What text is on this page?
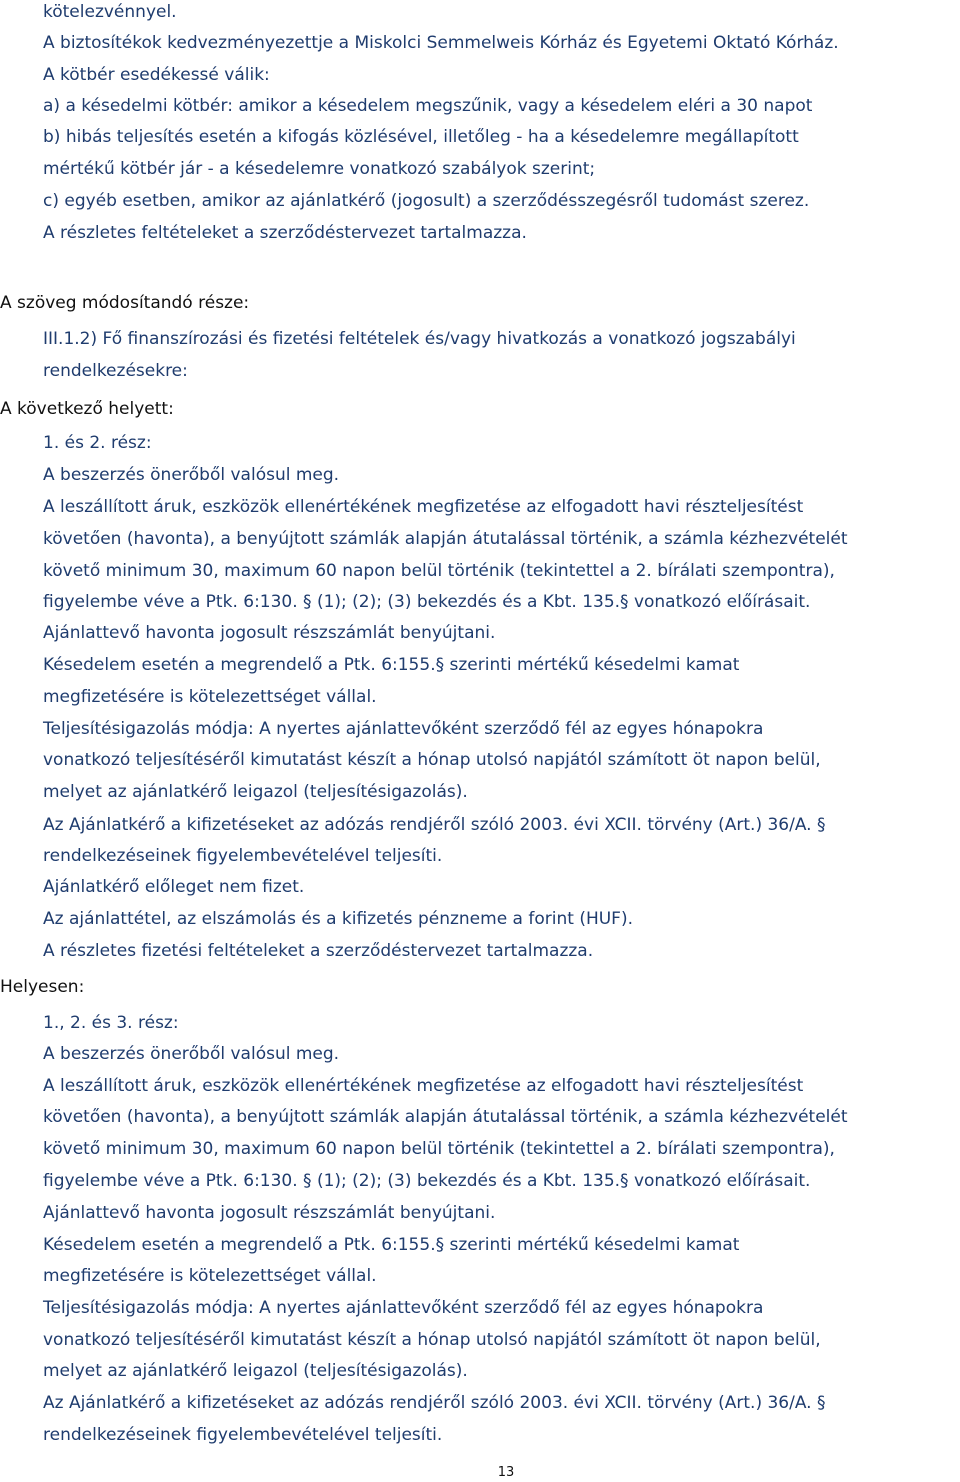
kötelezvénnyel.
A biztosítékok kedvezményezettje a Miskolci Semmelweis Kórház és Egyetemi Oktató Kórház.
A kötbér esedékessé válik:
a) a késedelmi kötbér: amikor a késedelem megszűnik, vagy a késedelem eléri a 30 napot
b) hibás teljesítés esetén a kifogás közlésével, illetőleg - ha a késedelemre megállapított
mértékű kötbér jár - a késedelemre vonatkozó szabályok szerint;
c) egyéb esetben, amikor az ajánlatkérő (jogosult) a szerződésszegésről tudomást szerez.
A részletes feltételeket a szerződéstervezet tartalmazza.
A szöveg módosítandó része:
III.1.2) Fő finanszírozási és fizetési feltételek és/vagy hivatkozás a vonatkozó jogszabályi
rendelkezésekre:
A következő helyett:
1. és 2. rész:
A beszerzés önerőből valósul meg.
A leszállított áruk, eszközök ellenértékének megfizetése az elfogadott havi részteljesítést
követően (havonta), a benyújtott számlák alapján átutalással történik, a számla kézhezvételét
követő minimum 30, maximum 60 napon belül történik (tekintettel a 2. bírálati szempontra),
figyelembe véve a Ptk. 6:130. § (1); (2); (3) bekezdés és a Kbt. 135.§ vonatkozó előírásait.
Ajánlattevő havonta jogosult részszámlát benyújtani.
Késedelem esetén a megrendelő a Ptk. 6:155.§ szerinti mértékű késedelmi kamat
megfizetésére is kötelezettséget vállal.
Teljesítésigazolás módja: A nyertes ajánlattevőként szerződő fél az egyes hónapokra
vonatkozó teljesítéséről kimutatást készít a hónap utolsó napjától számított öt napon belül,
melyet az ajánlatkérő leigazol (teljesítésigazolás).
Az Ajánlatkérő a kifizetéseket az adózás rendjéről szóló 2003. évi XCII. törvény (Art.) 36/A. §
rendelkezéseinek figyelembevételével teljesíti.
Ajánlatkérő előleget nem fizet.
Az ajánlattétel, az elszámolás és a kifizetés pénzneme a forint (HUF).
A részletes fizetési feltételeket a szerződéstervezet tartalmazza.
Helyesen:
1., 2. és 3. rész:
A beszerzés önerőből valósul meg.
A leszállított áruk, eszközök ellenértékének megfizetése az elfogadott havi részteljesítést
követően (havonta), a benyújtott számlák alapján átutalással történik, a számla kézhezvételét
követő minimum 30, maximum 60 napon belül történik (tekintettel a 2. bírálati szempontra),
figyelembe véve a Ptk. 6:130. § (1); (2); (3) bekezdés és a Kbt. 135.§ vonatkozó előírásait.
Ajánlattevő havonta jogosult részszámlát benyújtani.
Késedelem esetén a megrendelő a Ptk. 6:155.§ szerinti mértékű késedelmi kamat
megfizetésére is kötelezettséget vállal.
Teljesítésigazolás módja: A nyertes ajánlattevőként szerződő fél az egyes hónapokra
vonatkozó teljesítéséről kimutatást készít a hónap utolsó napjától számított öt napon belül,
melyet az ajánlatkérő leigazol (teljesítésigazolás).
Az Ajánlatkérő a kifizetéseket az adózás rendjéről szóló 2003. évi XCII. törvény (Art.) 36/A. §
rendelkezéseinek figyelembevételével teljesíti.
13
